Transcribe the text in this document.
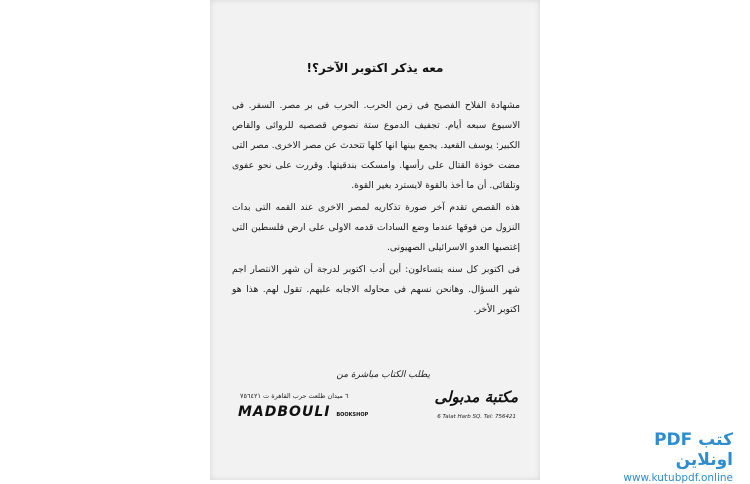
معه يذكر اكتوبر الآخر؟!

مشهادة الفلاح الفصيح فى زمن الحرب. الحرب فى بر مصر. السفر. فى الاسبوع سبعه أيام. تجفيف الدموع ستة نصوص قصصيه للروائى والقاص الكبير: يوسف القعيد. يجمع بينها انها كلها تتحدث عن مصر الاخرى. مصر التى مضت خوذة القتال على رأسها. وامسكت بندقيتها. وقررت على نحو عفوى وتلقائى. أن ما أخذ بالقوة لايسترد بغير القوة.

هذه القصص تقدم آخر صورة تذكاريه لمصر الاخرى عند القمه التى بدات النزول من فوقها عندما وضع السادات قدمه الاولى على ارض فلسطين التى إغتصبها العدو الاسرائيلى الصهيونى.

فى اكتوبر كل سنه يتساءلون: أين أدب اكتوبر لدرجة أن شهر الانتصار اجم شهر السؤال. وهانحن نسهم فى محاوله الاجابه عليهم. تقول لهم. هذا هو اكتوبر الأخر.

يطلب الكتاب مباشرة من
٦ ميدان طلعت حرب القاهرة ت ٧٥٦٤٢١
MADBOULI BOOKSHOP
مكتبة مدبولى
6 Talat Harb SQ. Tel: 756421
كتب PDF اونلاين
www.kutubpdf.online
